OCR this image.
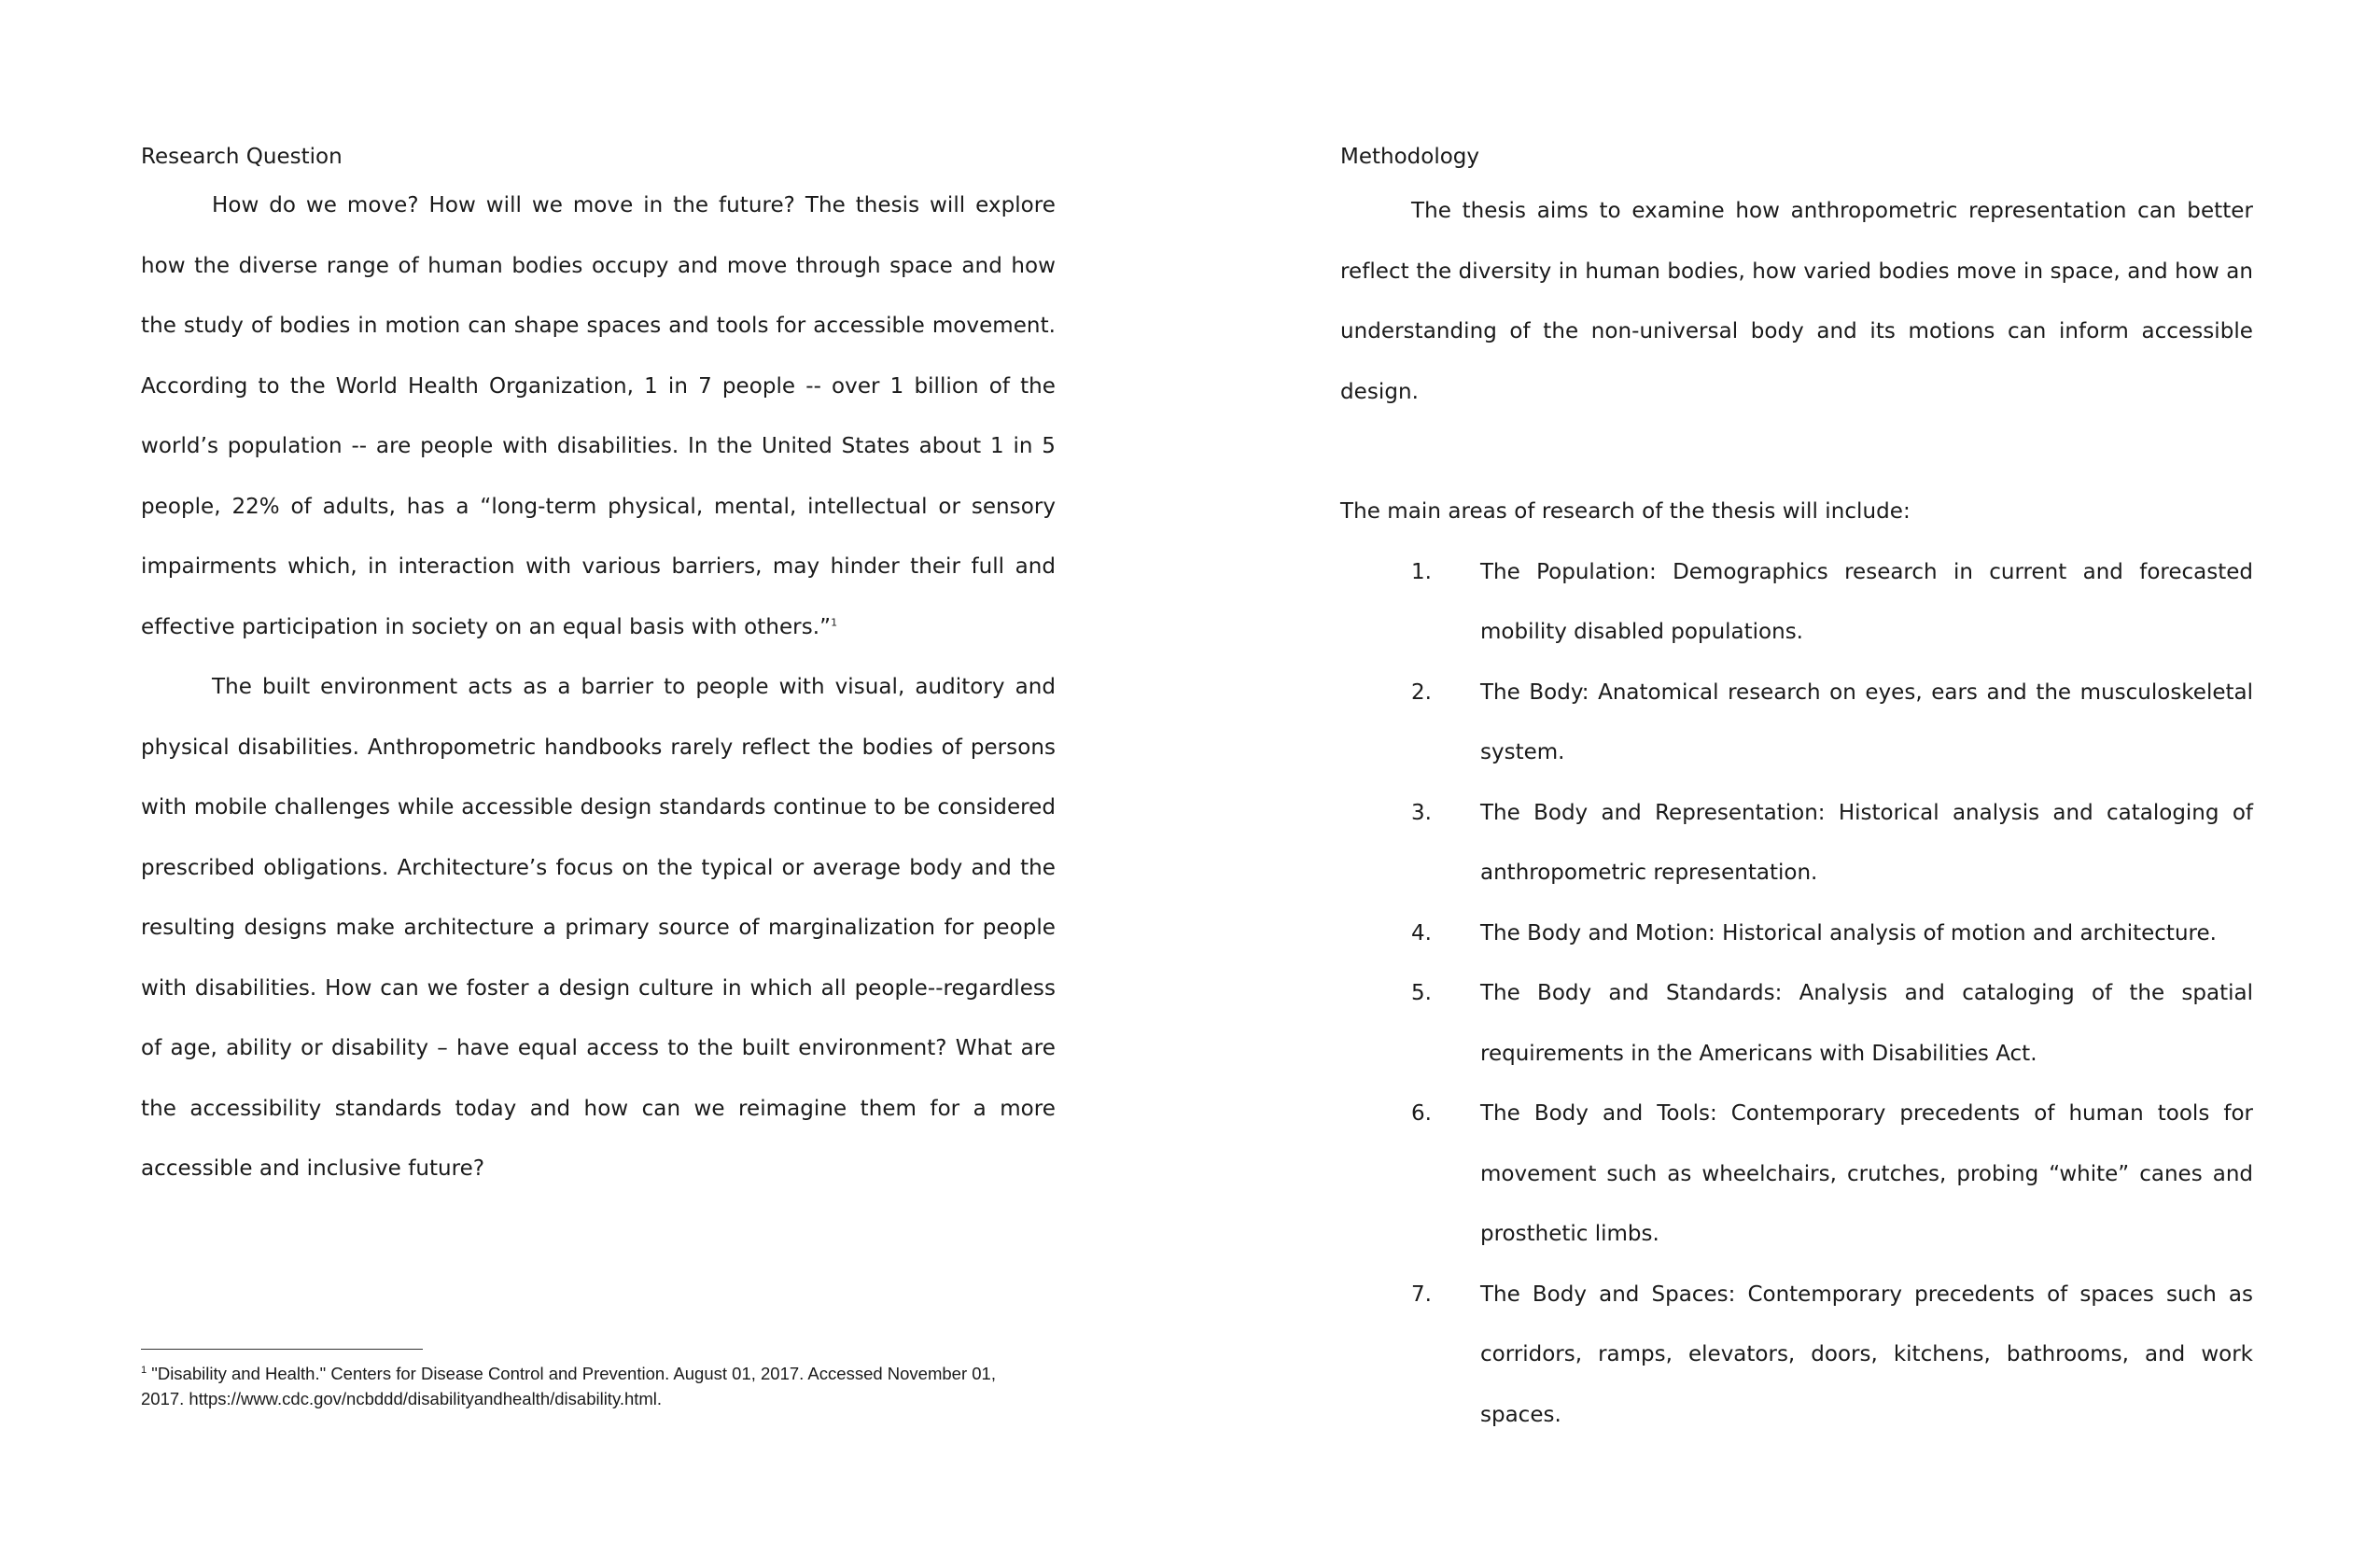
Research Question

How do we move? How will we move in the future? The thesis will explore how the diverse range of human bodies occupy and move through space and how the study of bodies in motion can shape spaces and tools for accessible movement. According to the World Health Organization, 1 in 7 people -- over 1 billion of the world’s population -- are people with disabilities. In the United States about 1 in 5 people, 22% of adults, has a “long-term physical, mental, intellectual or sensory impairments which, in interaction with various barriers, may hinder their full and effective participation in society on an equal basis with others.”$^1$

The built environment acts as a barrier to people with visual, auditory and physical disabilities. Anthropometric handbooks rarely reflect the bodies of persons with mobile challenges while accessible design standards continue to be considered prescribed obligations. Architecture’s focus on the typical or average body and the resulting designs make architecture a primary source of marginalization for people with disabilities. How can we foster a design culture in which all people--regardless of age, ability or disability – have equal access to the built environment? What are the accessibility standards today and how can we reimagine them for a more accessible and inclusive future?

Methodology

The thesis aims to examine how anthropometric representation can better reflect the diversity in human bodies, how varied bodies move in space, and how an understanding of the non-universal body and its motions can inform accessible design.

The main areas of research of the thesis will include:

1.	The Population: Demographics research in current and forecasted mobility disabled populations.
2.	The Body: Anatomical research on eyes, ears and the musculoskeletal system.
3.	The Body and Representation: Historical analysis and cataloging of anthropometric representation.
4.	The Body and Motion: Historical analysis of motion and architecture.
5.	The Body and Standards: Analysis and cataloging of the spatial requirements in the Americans with Disabilities Act.
6.	The Body and Tools: Contemporary precedents of human tools for movement such as wheelchairs, crutches, probing “white” canes and prosthetic limbs.
7.	The Body and Spaces: Contemporary precedents of spaces such as corridors, ramps, elevators, doors, kitchens, bathrooms, and work spaces.

$^1$ "Disability and Health." Centers for Disease Control and Prevention. August 01, 2017. Accessed November 01, 2017. https://www.cdc.gov/ncbddd/disabilityandhealth/disability.html.
